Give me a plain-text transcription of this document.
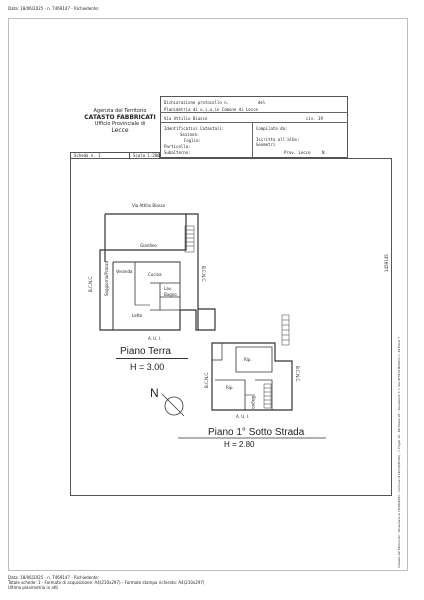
Data: 18/06/2025 - n. T469147 - Richiedente:
Agenzia del Territorio
CATASTO FABBRICATI
Ufficio Provinciale di
Lecce
Dichiarazione protocollo n.	del
Planimetria di u.i.u.in Comune di Lecce
Via Attilio Biasco	civ. 39
Identificativi Catastali:
Sezione:
Foglio:
Particella:
Subalterno:
Compilata da:
Iscritto all'albo:
Geometri
Prov. Lecce	N.
Scheda n. 1	Scala 1:200
Via Attilio Biasco
Giardino
Veranda
Cucina
Lav.
Bagno
Letto
Soggiorno/Pranzo
B.C.N.C.
B.C.N.C.
A. U. I.
Piano Terra
H = 3.00
N
Rip.
Rip.
Bagno
B.C.N.C.	B.C.N.C.
A. U. I.
Piano 1° Sotto Strada
H = 2.80
1459145
Catasto dei Fabbricati - Situazione al 18/06/2025 - Comune di LECCE(E506) - < Foglio 10 - Particella 95 - Subalterno 5 > VIA ATTILIO BIASCO n. 39 Piano T
Data: 18/06/2025 - n. T469147 - Richiedente:
Totale schede: 1 - Formato di acquisizione: A4(210x297) - Formato stampa richiesto: A4(210x297)
Ultima planimetria in atti
